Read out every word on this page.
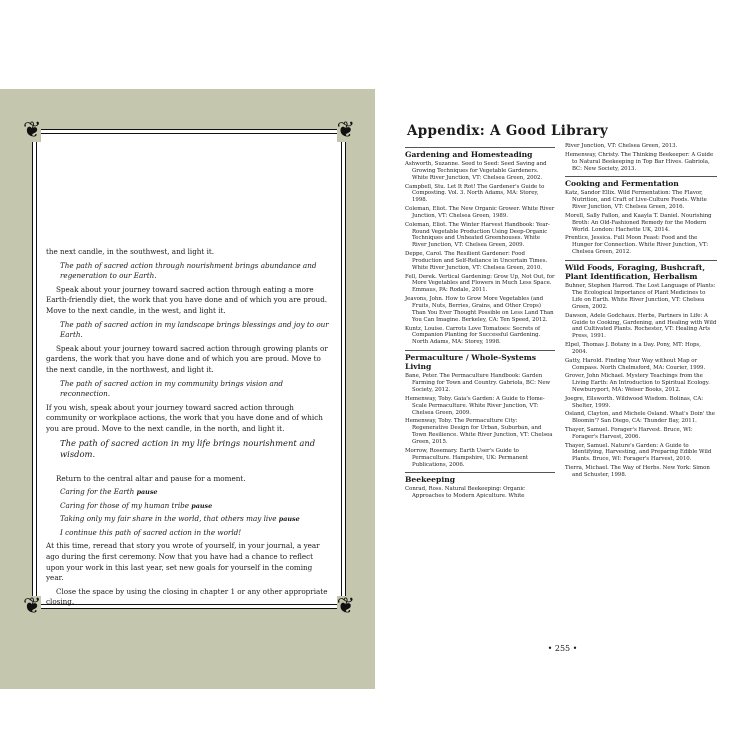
❦	❦
❦	❦

the next candle, in the southwest, and light it.

The path of sacred action through nourishment brings abundance and regeneration to our Earth.

Speak about your journey toward sacred action through eating a more Earth-friendly diet, the work that you have done and of which you are proud. Move to the next candle, in the west, and light it.

The path of sacred action in my landscape brings blessings and joy to our Earth.

Speak about your journey toward sacred action through growing plants or gardens, the work that you have done and of which you are proud. Move to the next candle, in the northwest, and light it.

The path of sacred action in my community brings vision and reconnection.

If you wish, speak about your journey toward sacred action through community or workplace actions, the work that you have done and of which you are proud. Move to the next candle, in the north, and light it.

The path of sacred action in my life brings nourishment and wisdom.

Return to the central altar and pause for a moment.

Caring for the Earth pause

Caring for those of my human tribe pause

Taking only my fair share in the world, that others may live pause

I continue this path of sacred action in the world!

At this time, reread that story you wrote of yourself, in your journal, a year ago during the first ceremony. Now that you have had a chance to reflect upon your work in this last year, set new goals for yourself in the coming year.

Close the space by using the closing in chapter 1 or any other appropriate closing.

Appendix: A Good Library
Gardening and Homesteading
Ashworth, Suzanne. Seed to Seed: Seed Saving and Growing Techniques for Vegetable Gardeners. White River Junction, VT: Chelsea Green, 2002.
Campbell, Stu. Let It Rot! The Gardener's Guide to Composting. Vol. 3. North Adams, MA: Storey, 1998.
Coleman, Eliot. The New Organic Grower. White River Junction, VT: Chelsea Green, 1989.
Coleman, Eliot. The Winter Harvest Handbook: Year-Round Vegetable Production Using Deep-Organic Techniques and Unheated Greenhouses. White River Junction, VT: Chelsea Green, 2009.
Deppe, Carol. The Resilient Gardener: Food Production and Self-Reliance in Uncertain Times. White River Junction, VT: Chelsea Green, 2010.
Fell, Derek. Vertical Gardening: Grow Up, Not Out, for More Vegetables and Flowers in Much Less Space. Emmaus, PA: Rodale, 2011.
Jeavons, John. How to Grow More Vegetables (and Fruits, Nuts, Berries, Grains, and Other Crops) Than You Ever Thought Possible on Less Land Than You Can Imagine. Berkeley, CA: Ten Speed, 2012.
Kuntz, Louise. Carrots Love Tomatoes: Secrets of Companion Planting for Successful Gardening. North Adams, MA: Storey, 1998.
Permaculture / Whole-Systems Living
Bane, Peter. The Permaculture Handbook: Garden Farming for Town and Country. Gabriola, BC: New Society, 2012.
Hemenway, Toby. Gaia's Garden: A Guide to Home-Scale Permaculture. White River Junction, VT: Chelsea Green, 2009.
Hemenway, Toby. The Permaculture City: Regenerative Design for Urban, Suburban, and Town Resilience. White River Junction, VT: Chelsea Green, 2015.
Morrow, Rosemary. Earth User's Guide to Permaculture. Hampshire, UK: Permanent Publications, 2006.
Beekeeping
Conrad, Ross. Natural Beekeeping: Organic Approaches to Modern Apiculture. White
River Junction, VT: Chelsea Green, 2013.
Hemenway, Christy. The Thinking Beekeeper: A Guide to Natural Beekeeping in Top Bar Hives. Gabriola, BC: New Society, 2013.
Cooking and Fermentation
Katz, Sandor Ellix. Wild Fermentation: The Flavor, Nutrition, and Craft of Live-Culture Foods. White River Junction, VT: Chelsea Green, 2016.
Morell, Sally Fallon, and Kaayla T. Daniel. Nourishing Broth: An Old-Fashioned Remedy for the Modern World. London: Hachette UK, 2014.
Prentice, Jessica. Full Moon Feast: Food and the Hunger for Connection. White River Junction, VT: Chelsea Green, 2012.
Wild Foods, Foraging, Bushcraft, Plant Identification, Herbalism
Buhner, Stephen Harrod. The Lost Language of Plants: The Ecological Importance of Plant Medicines to Life on Earth. White River Junction, VT: Chelsea Green, 2002.
Dawson, Adele Godchaux. Herbs, Partners in Life: A Guide to Cooking, Gardening, and Healing with Wild and Cultivated Plants. Rochester, VT: Healing Arts Press, 1991.
Elpel, Thomas J. Botany in a Day. Pony, MT: Hops, 2004.
Gatty, Harold. Finding Your Way without Map or Compass. North Chelmsford, MA: Courier, 1999.
Grover, John Michael. Mystery Teachings from the Living Earth: An Introduction to Spiritual Ecology. Newburyport, MA: Weiser Books, 2012.
Joegre, Ellsworth. Wildwood Wisdom. Bolinas, CA: Shelter, 1999.
Osland, Clayton, and Michele Osland. What's Doin' the Bloomin'? San Diego, CA: Thunder Bay, 2011.
Thayer, Samuel. Forager's Harvest. Bruce, WI: Forager's Harvest, 2006.
Thayer, Samuel. Nature's Garden: A Guide to Identifying, Harvesting, and Preparing Edible Wild Plants. Bruce, WI: Forager's Harvest, 2010.
Tierra, Michael. The Way of Herbs. New York: Simon and Schuster, 1998.
• 255 •
